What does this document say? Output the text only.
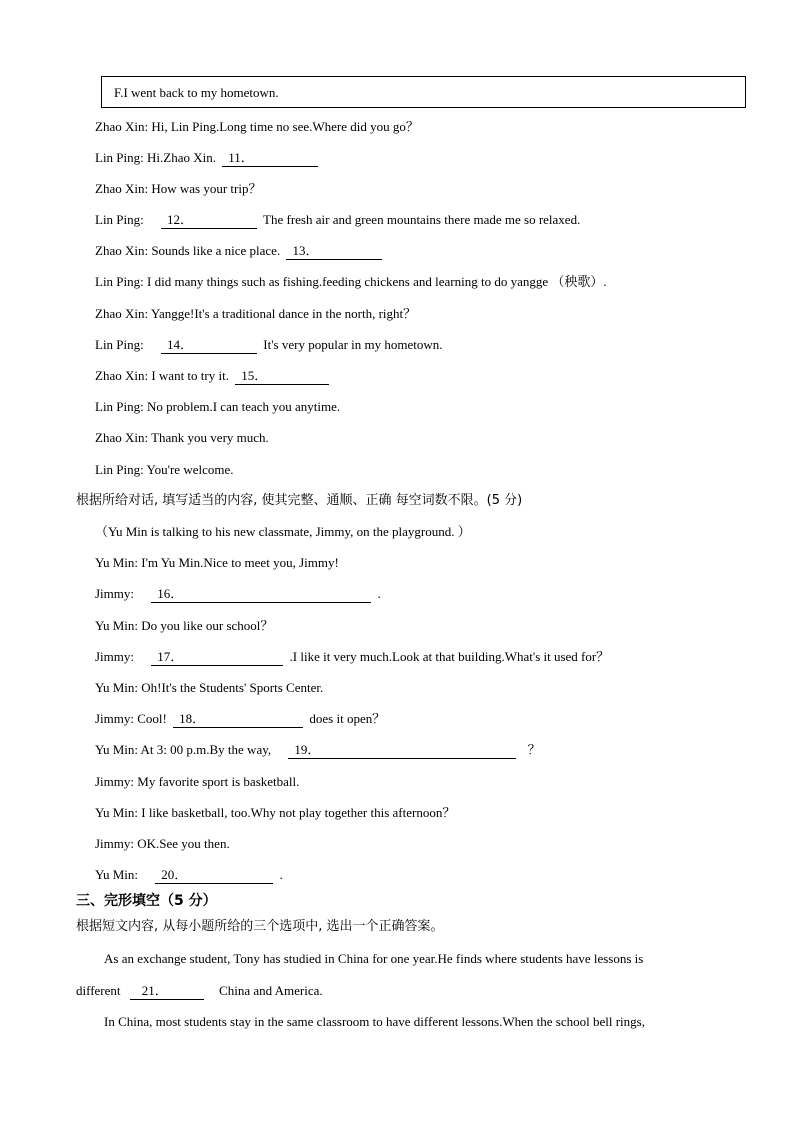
F.I went back to my hometown.
Zhao Xin: Hi, Lin Ping.Long time no see.Where did you go？
Lin Ping: Hi.Zhao Xin. 11．
Zhao Xin: How was your trip？
Lin Ping: 12．	The fresh air and green mountains there made me so relaxed.
Zhao Xin: Sounds like a nice place. 13．
Lin Ping: I did many things such as fishing.feeding chickens and learning to do yangge （秧歌）.
Zhao Xin: Yangge!It's a traditional dance in the north, right？
Lin Ping: 14．	It's very popular in my hometown.
Zhao Xin: I want to try it. 15．
Lin Ping: No problem.I can teach you anytime.
Zhao Xin: Thank you very much.
Lin Ping: You're welcome.
根据所给对话, 填写适当的内容, 使其完整、通顺、正确 每空词数不限。(5 分)
（Yu Min is talking to his new classmate, Jimmy, on the playground. ）
Yu Min: I'm Yu Min.Nice to meet you, Jimmy!
Jimmy: 16．	.
Yu Min: Do you like our school？
Jimmy: 17．	.I like it very much.Look at that building.What's it used for？
Yu Min: Oh!It's the Students' Sports Center.
Jimmy: Cool! 18．	does it open？
Yu Min: At 3: 00 p.m.By the way, 19．	？
Jimmy: My favorite sport is basketball.
Yu Min: I like basketball, too.Why not play together this afternoon？
Jimmy: OK.See you then.
Yu Min: 20．	.
三、完形填空（5 分）
根据短文内容, 从每小题所给的三个选项中, 选出一个正确答案。
As an exchange student, Tony has studied in China for one year.He finds where students have lessons is
different 21．	China and America.
In China, most students stay in the same classroom to have different lessons.When the school bell rings,
